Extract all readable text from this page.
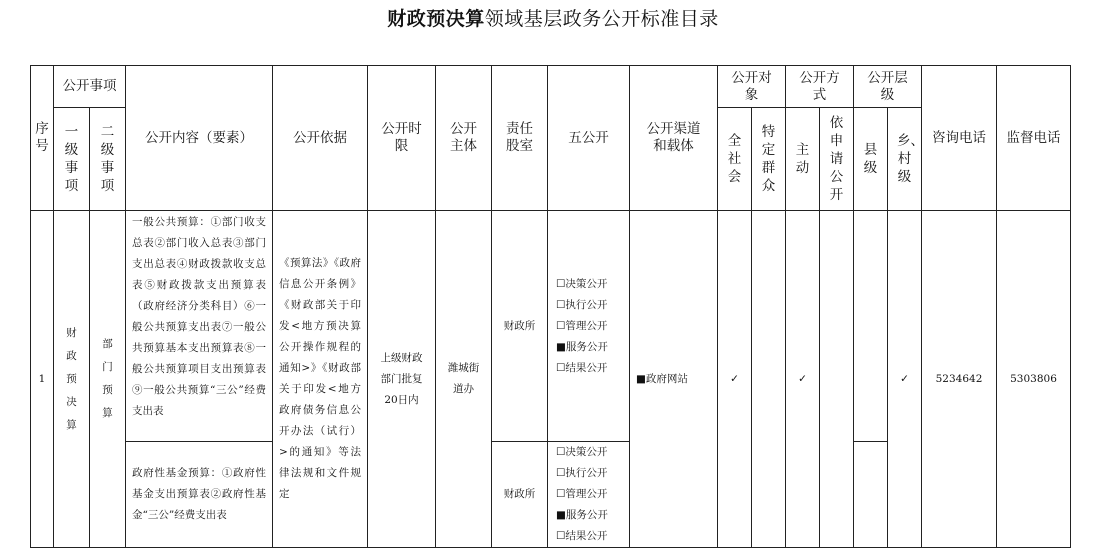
财政预决算领域基层政务公开标准目录
序号	公开事项		公开内容（要素）	公开依据	公开时限	公开主体	责任股室	五公开	公开渠道和载体	公开对象		公开方式		公开层级		咨询电话	监督电话
	一级事项	二级事项								全社会	特定群众	主动	依申请公开	县级	乡、村级		
1	财政预决算	部门预算	一般公共预算：①部门收支总表②部门收入总表③部门支出总表④财政拨款收支总表⑤财政拨款支出预算表（政府经济分类科目）⑥一般公共预算支出表⑦一般公共预算基本支出预算表⑧一般公共预算项目支出预算表⑨一般公共预算“三公”经费支出表	《预算法》《政府信息公开条例》《财政部关于印发<地方预决算公开操作规程的通知>》《财政部关于印发<地方政府债务信息公开办法（试行）>的通知》等法律法规和文件规定	上级财政部门批复20日内	潍城街道办	财政所	☐决策公开
☐执行公开
☐管理公开
■服务公开
☐结果公开	■政府网站	✓		✓			✓	5234642	5303806
			政府性基金预算：①政府性基金支出预算表②政府性基金“三公”经费支出表				财政所	☐决策公开
☐执行公开
☐管理公开
■服务公开
☐结果公开									
